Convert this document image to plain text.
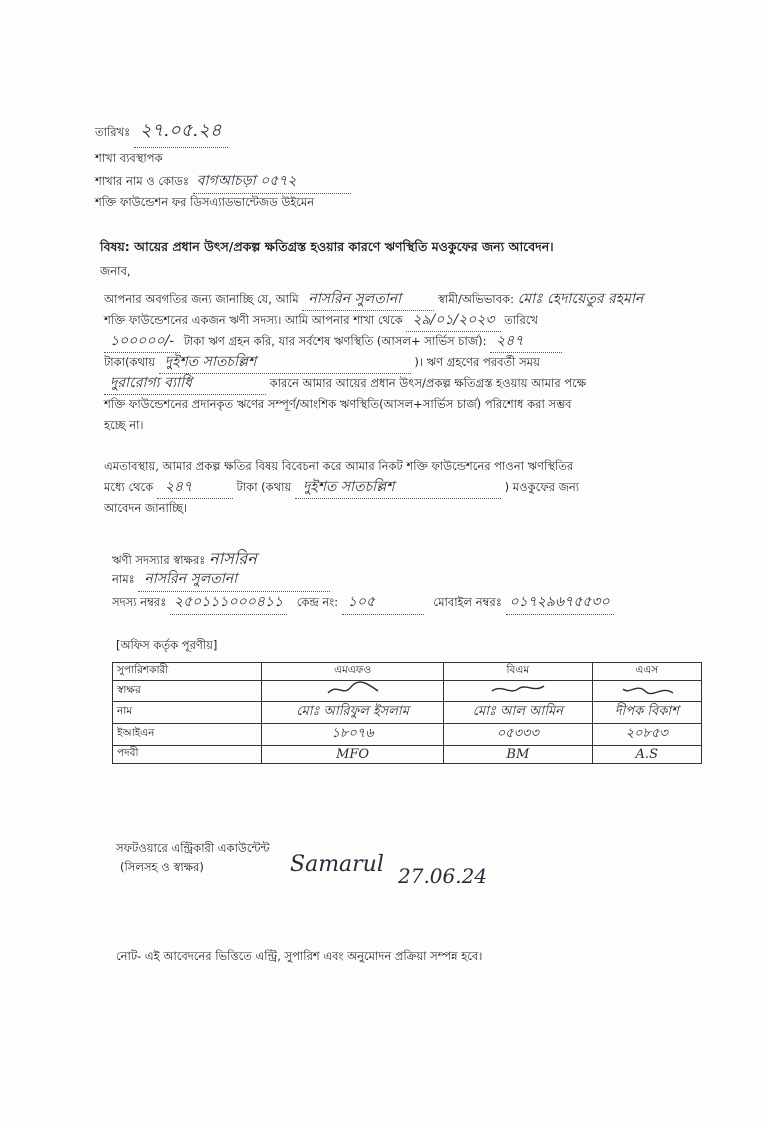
তারিখঃ ২৭.০৫.২৪
শাখা ব্যবস্থাপক
শাখার নাম ও কোডঃ বাগআচড়া ০৫৭২
শক্তি ফাউন্ডেশন ফর ডিসএ্যাডভান্টেজড উইমেন
বিষয়: আয়ের প্রধান উৎস/প্রকল্প ক্ষতিগ্রস্ত হওয়ার কারণে ঋণস্থিতি মওকুফের জন্য আবেদন।
জনাব,
আপনার অবগতির জন্য জানাচ্ছি যে, আমি নাসরিন সুলতানা	স্বামী/অভিভাবক: মোঃ হেদায়েতুর রহমান
শক্তি ফাউন্ডেশনের একজন ঋণী সদস্য। আমি আপনার শাখা থেকে ২৯/০১/২০২৩ তারিখে
১০০০০০/- টাকা ঋণ গ্রহন করি, যার সর্বশেষ ঋণস্থিতি (আসল+ সার্ভিস চার্জ): ২৪৭
টাকা(কথায় দুইশত সাতচল্লিশ	)। ঋণ গ্রহণের পরবর্তী সময়
দুরারোগ্য ব্যাধি	কারনে আমার আয়ের প্রধান উৎস/প্রকল্প ক্ষতিগ্রস্ত হওয়ায় আমার পক্ষে
শক্তি ফাউন্ডেশনের প্রদানকৃত ঋণের সম্পূর্ণ/আংশিক ঋণস্থিতি(আসল+সার্ভিস চার্জ) পরিশোধ করা সম্ভব
হচ্ছে না।
এমতাবস্থায়, আমার প্রকল্প ক্ষতির বিষয় বিবেচনা করে আমার নিকট শক্তি ফাউন্ডেশনের পাওনা ঋণস্থিতির
মধ্যে থেকে ২৪৭	টাকা (কথায় দুইশত সাতচল্লিশ	) মওকুফের জন্য
আবেদন জানাচ্ছি।
ঋণী সদস্যার স্বাক্ষরঃ নাসরিন
নামঃ নাসরিন সুলতানা
সদস্য নম্বরঃ ২৫০১১১০০০৪১১ কেন্দ্র নং: ১০৫	মোবাইল নম্বরঃ ০১৭২৯৬৭৫৫৩০
[অফিস কর্তৃক পূরণীয়]
সুপারিশকারী	এমএফও	বিএম	এএস
স্বাক্ষর			
নাম	মোঃ আরিফুল ইসলাম	মোঃ আল আমিন	দীপক বিকাশ
ইআইএন	১৮০৭৬	০৫৩৩৩	২০৮৫৩
পদবী	MFO	BM	A.S
সফটওয়ারে এন্ট্রিকারী একাউন্টেন্ট
(সিলসহ ও স্বাক্ষর)	Samarul 27.06.24
নোট- এই আবেদনের ভিত্তিতে এন্ট্রি, সুপারিশ এবং অনুমোদন প্রক্রিয়া সম্পন্ন হবে।
